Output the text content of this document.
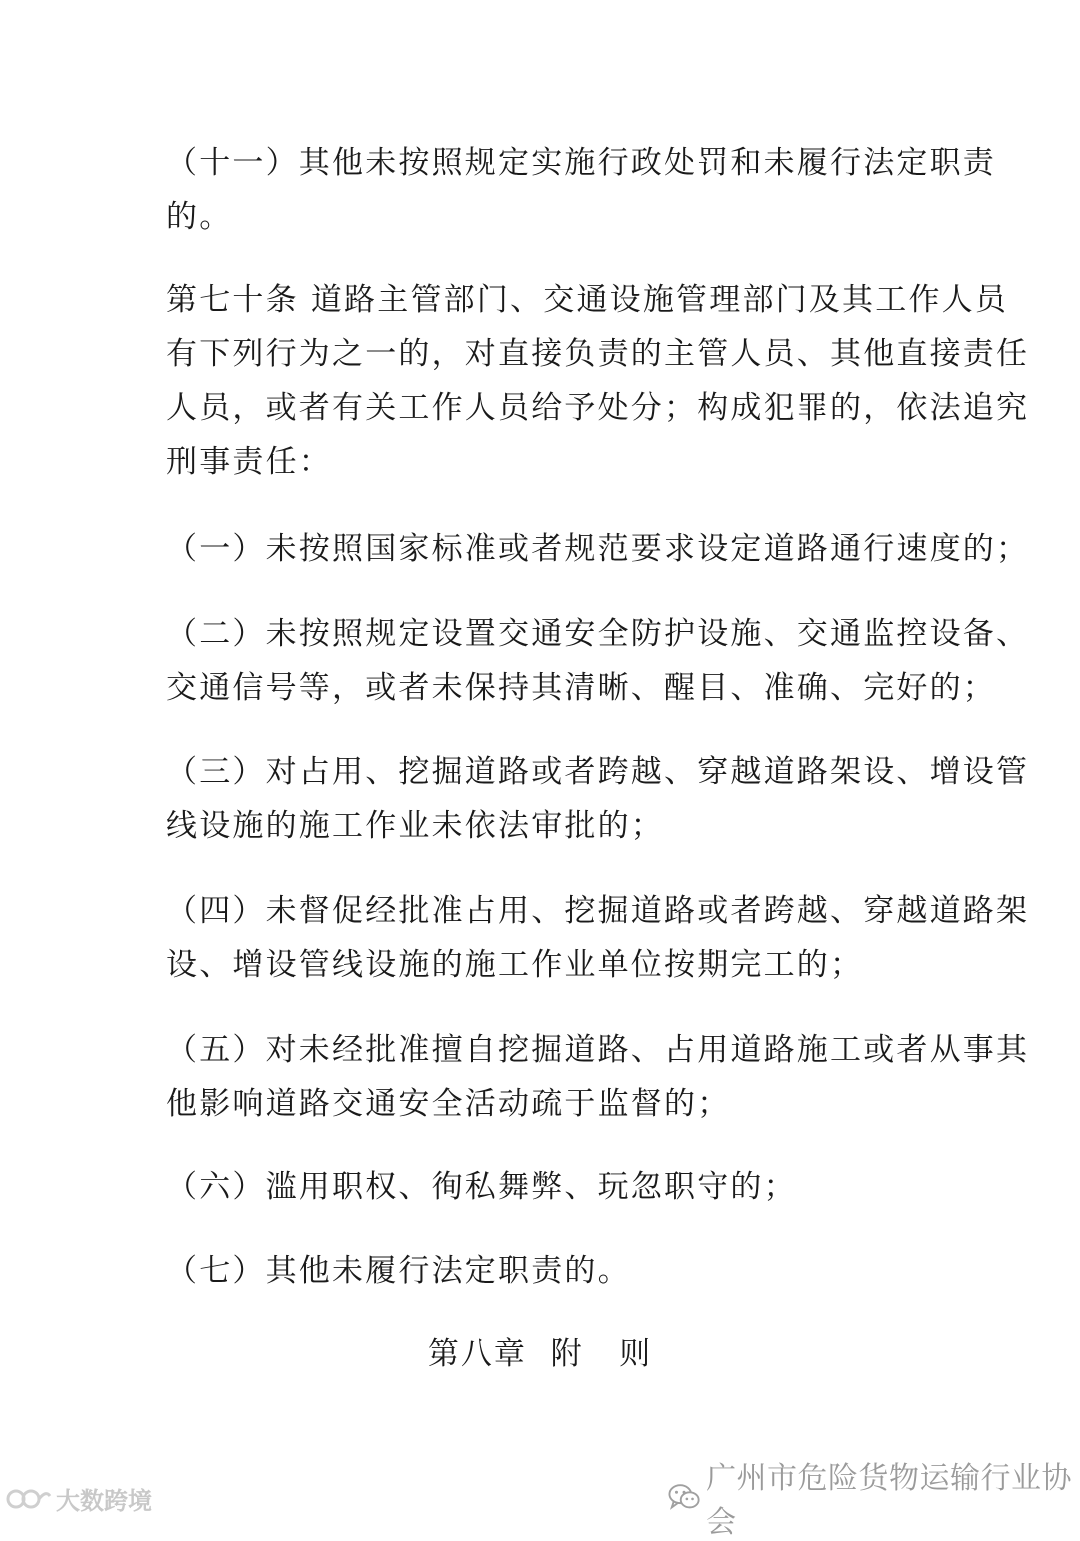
（十一）其他未按照规定实施行政处罚和未履行法定职责
的。
第七十条 道路主管部门、交通设施管理部门及其工作人员
有下列行为之一的，对直接负责的主管人员、其他直接责任
人员，或者有关工作人员给予处分；构成犯罪的，依法追究
刑事责任：
（一）未按照国家标准或者规范要求设定道路通行速度的；
（二）未按照规定设置交通安全防护设施、交通监控设备、
交通信号等，或者未保持其清晰、醒目、准确、完好的；
（三）对占用、挖掘道路或者跨越、穿越道路架设、增设管
线设施的施工作业未依法审批的；
（四）未督促经批准占用、挖掘道路或者跨越、穿越道路架
设、增设管线设施的施工作业单位按期完工的；
（五）对未经批准擅自挖掘道路、占用道路施工或者从事其
他影响道路交通安全活动疏于监督的；
（六）滥用职权、徇私舞弊、玩忽职守的；
（七）其他未履行法定职责的。
第八章  附   则
广州市危险货物运输行业协会
大数跨境
